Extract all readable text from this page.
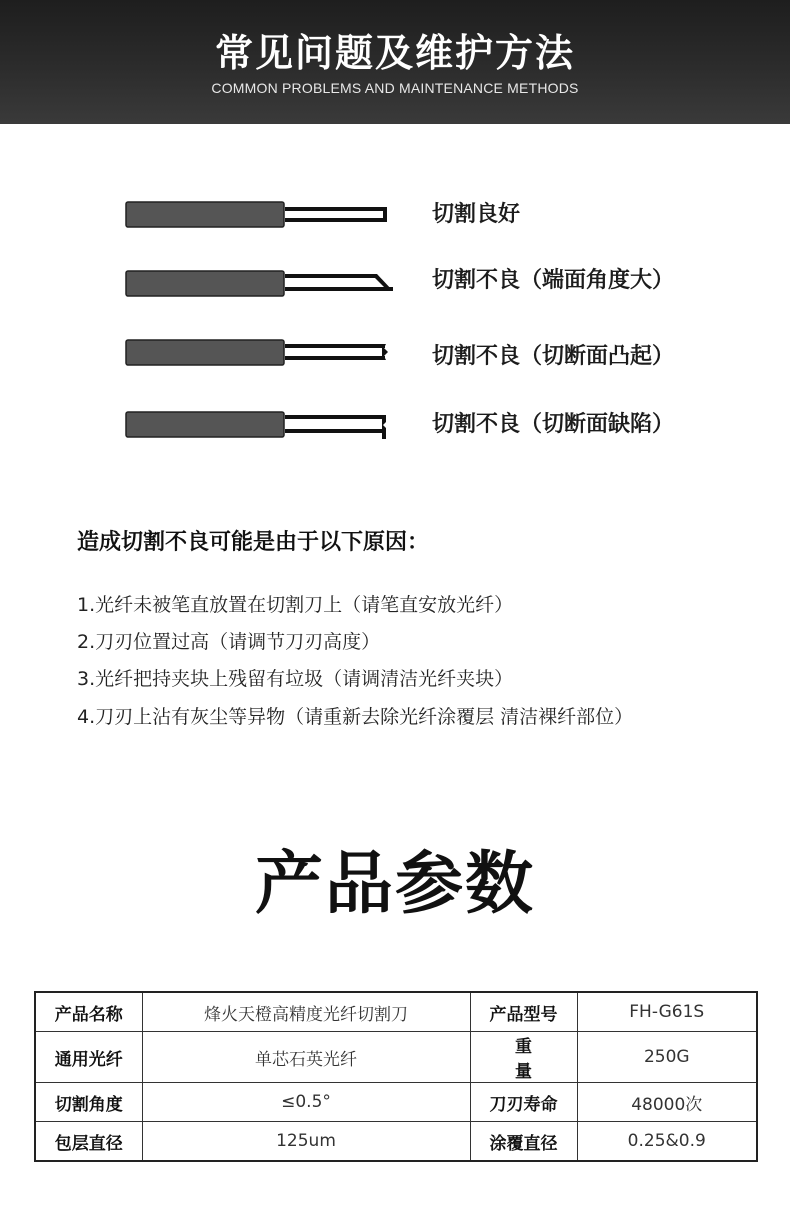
常见问题及维护方法
COMMON PROBLEMS AND MAINTENANCE METHODS
切割良好
切割不良（端面角度大）
切割不良（切断面凸起）
切割不良（切断面缺陷）
造成切割不良可能是由于以下原因：
1.光纤未被笔直放置在切割刀上（请笔直安放光纤）
2.刀刃位置过高（请调节刀刃高度）
3.光纤把持夹块上残留有垃圾（请调清洁光纤夹块）
4.刀刃上沾有灰尘等异物（请重新去除光纤涂覆层 清洁裸纤部位）
产品参数
产品名称	烽火天橙高精度光纤切割刀	产品型号	FH-G61S
通用光纤	单芯石英光纤	重量	250G
切割角度	≤0.5°	刀刃寿命	48000次
包层直径	125um	涂覆直径	0.25&0.9
